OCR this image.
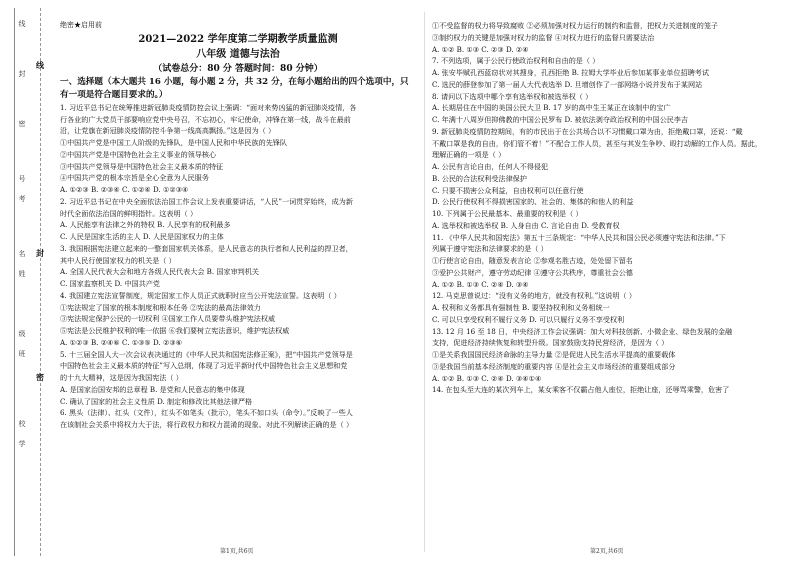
线
封
密
号
考
名
姓
级
班
校
学
线
封
密

绝密★启用前

2021—2022 学年度第二学期教学质量监测

八年级 道德与法治

（试卷总分：80 分 答题时间：80 分钟）

一、选择题（本大题共 16 小题，每小题 2 分，共 32 分，在每小题给出的四个选项中，只有一项是符合题目要求的。）

1. 习近平总书记在统筹推进新冠肺炎疫情防控会议上强调：“面对来势凶猛的新冠肺炎疫情，各

行各业的广大党员干部要响应党中央号召，不忘初心，牢记使命，冲锋在第一线，战斗在最前

沿，让党旗在新冠肺炎疫情防控斗争第一线高高飘扬。”这是因为（ ）

①中国共产党是中国工人阶级的先锋队，是中国人民和中华民族的先锋队

②中国共产党是中国特色社会主义事业的领导核心

③中国共产党领导是中国特色社会主义最本质的特征

④中国共产党的根本宗旨是全心全意为人民服务

A. ①②③ B. ②③④ C. ①②④ D. ①②③④

2. 习近平总书记在中央全面依法治国工作会议上发表重要讲话，“人民”一词贯穿始终，成为新

时代全面依法治国的鲜明指针。这表明（ ）

A. 人民能享有法律之外的特权 B. 人民享有的权利最多

C. 人民是国家生活的主人 D. 人民是国家权力的主体

3. 我国根据宪法建立起来的一整套国家机关体系，是人民意志的执行者和人民利益的捍卫者，

其中人民行使国家权力的机关是（ ）

A. 全国人民代表大会和地方各级人民代表大会 B. 国家审判机关

C. 国家监察机关 D. 中国共产党

4. 我国建立宪法宣誓制度，规定国家工作人员正式就职时应当公开宪法宣誓。这表明（ ）

①宪法规定了国家的根本制度和根本任务 ②宪法的最高法律效力

③宪法规定保护公民的一切权利 ④国家工作人员要带头维护宪法权威

⑤宪法是公民维护权利的唯一依据 ⑥我们要树立宪法意识，维护宪法权威

A. ①②③ B. ②④⑥ C. ①③⑤ D. ②③⑥

5. 十三届全国人大一次会议表决通过的《中华人民共和国宪法修正案》，把“中国共产党领导是

中国特色社会主义最本质的特征”写入总纲，体现了习近平新时代中国特色社会主义思想和党

的十九大精神，这是因为我国宪法（ ）

A. 是国家治国安邦的总章程 B. 是党和人民意志的集中体现

C. 确认了国家的社会主义性质 D. 制定和修改比其他法律严格

6. 黑头（法律）、红头（文件），红头不如笔头（批示），笔头不如口头（命令）。”反映了一些人

在该制社会关系中将权力大于法，将行政权力和权力混淆的现象。对此不列解读正确的是（ ）

①不受监督的权力将导致腐败 ②必须加强对权力运行的制约和监督，把权力关进制度的笼子

③制约权力的关键是加强对权力的监督 ④对权力进行的监督只需要法治

A. ①② B. ①③ C. ②③ D. ②④

7. 不列选项，属于公民行使政治权利和自由的是（ ）

A. 张安毕赋孔西蓝窃状对其搜身，孔西拒绝 B. 拉姆大学毕业后参加某事业单位招聘考试

C. 选民的薛登参加了第一届人大代表选举 D. 旦增创作了一部网络小说并发布于某网站

8. 请问以下选项中哪个享有选举权和被选举权（ ）

A. 长期居住在中国的美国公民大卫 B. 17 岁的高中生王某正在该制中的宝广

C. 年满十八周岁但抑佛教的中国公民罗布 D. 被依法剥夺政治权利的中国公民李吉

9. 新冠肺炎疫情防控期间，有的市民出于在公共场合以不习惯戴口罩为由，拒绝戴口罩，还说：“戴

不戴口罩是我的自由，你们管不着！”不配合工作人员，甚至与其发生争吵、殴打动解的工作人员。据此，

理解正确的一项是（ ）

A. 公民有言论自由，任何人不得侵犯

B. 公民的合法权利受法律保护

C. 只要不损害公众利益，自由权利可以任意行使

D. 公民行使权利不得损害国家的、社会的、集体的和他人的利益

10. 下列属于公民最基本、最重要的权利是（ ）

A. 选举权和被选举权 B. 人身自由 C. 言论自由 D. 受教育权

11. 《中华人民共和国宪法》第五十三条规定：“中华人民共和国公民必须遵守宪法和法律。”下

列属于遵守宪法和法律要求的是（ ）

①行使言论自由，随意发表言论 ②参观名胜古迹，处处留下留名

③爱护公共财产，遵守劳动纪律 ④遵守公共秩序，尊重社会公德

A. ①② B. ①③ C. ②④ D. ③④

12. 马克思曾说过：“没有义务的地方，就没有权利。”这说明（ ）

A. 权利和义务都具有强制性 B. 要坚持权利和义务相统一

C. 可以只享受权利不履行义务 D. 可以只履行义务不享受权利

13. 12 月 16 至 18 日，中央经济工作会议强调：加大对科技创新、小微企业、绿色发展的金融

支持，促进经济持续恢复和转型升级。国家鼓励支持民营经济，是因为（ ）

①是关系我国国民经济命脉的主导力量 ②是促进人民生活水平提高的重要载体

③是我国当前基本经济制度的重要内容 ④是社会主义市场经济的重要组成部分

A. ①② B. ①③ C. ②④ D. ③④①④

14. 在包头至大连的某次列车上，某女乘客不仅霸占他人座位，拒绝让座，还辱骂乘警，危害了

第1页,共6页	第2页,共6页
